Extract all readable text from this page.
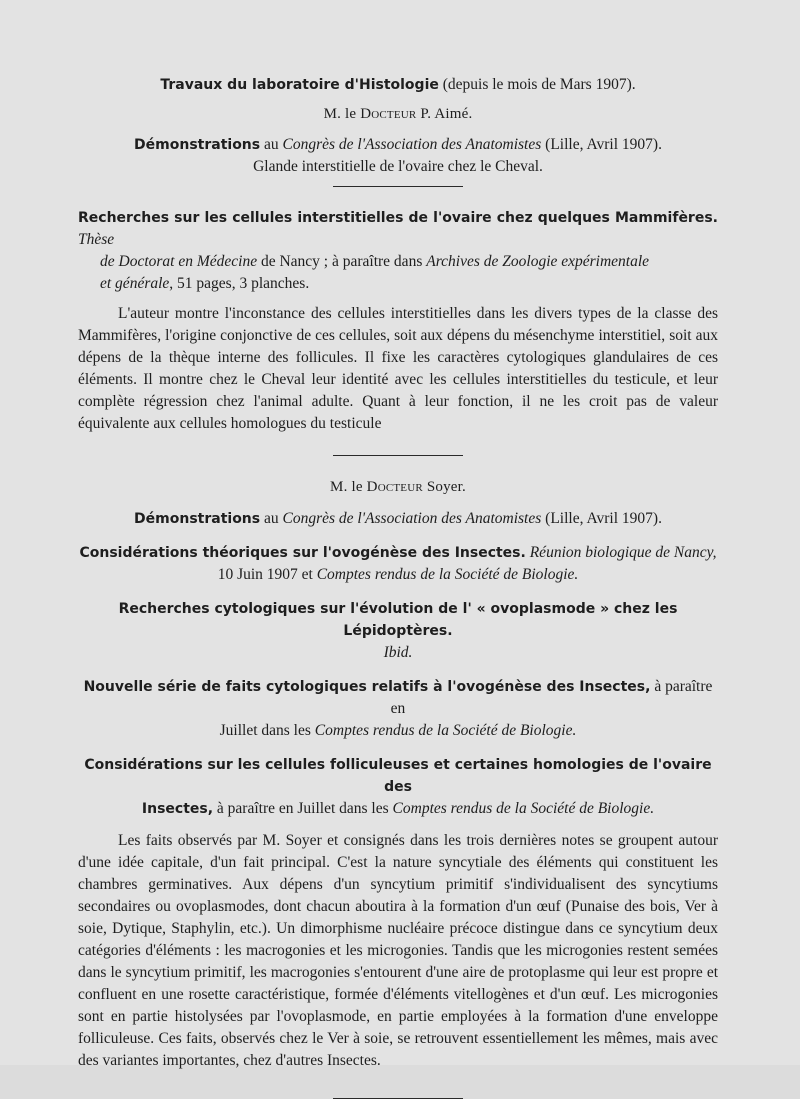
Travaux du laboratoire d'Histologie (depuis le mois de Mars 1907).
M. le Docteur P. Aimé.
Démonstrations au Congrès de l'Association des Anatomistes (Lille, Avril 1907).
Glande interstitielle de l'ovaire chez le Cheval.
Recherches sur les cellules interstitielles de l'ovaire chez quelques Mammifères. Thèse
de Doctorat en Médecine de Nancy ; à paraître dans Archives de Zoologie expérimentale
et générale, 51 pages, 3 planches.

L'auteur montre l'inconstance des cellules interstitielles dans les divers types de la classe des Mammifères, l'origine conjonctive de ces cellules, soit aux dépens du mésenchyme interstitiel, soit aux dépens de la thèque interne des follicules. Il fixe les caractères cytologiques glandulaires de ces éléments. Il montre chez le Cheval leur identité avec les cellules interstitielles du testicule, et leur complète régression chez l'animal adulte. Quant à leur fonction, il ne les croit pas de valeur équivalente aux cellules homologues du testicule

M. le Docteur Soyer.
Démonstrations au Congrès de l'Association des Anatomistes (Lille, Avril 1907).
Considérations théoriques sur l'ovogénèse des Insectes. Réunion biologique de Nancy,
10 Juin 1907 et Comptes rendus de la Société de Biologie.
Recherches cytologiques sur l'évolution de l' « ovoplasmode » chez les Lépidoptères.
Ibid.
Nouvelle série de faits cytologiques relatifs à l'ovogénèse des Insectes, à paraître en
Juillet dans les Comptes rendus de la Société de Biologie.
Considérations sur les cellules folliculeuses et certaines homologies de l'ovaire des
Insectes, à paraître en Juillet dans les Comptes rendus de la Société de Biologie.

Les faits observés par M. Soyer et consignés dans les trois dernières notes se groupent autour d'une idée capitale, d'un fait principal. C'est la nature syncytiale des éléments qui constituent les chambres germinatives. Aux dépens d'un syncytium primitif s'individualisent des syncytiums secondaires ou ovoplasmodes, dont chacun aboutira à la formation d'un œuf (Punaise des bois, Ver à soie, Dytique, Staphylin, etc.). Un dimorphisme nucléaire précoce distingue dans ce syncytium deux catégories d'éléments : les macrogonies et les microgonies. Tandis que les microgonies restent semées dans le syncytium primitif, les macrogonies s'entourent d'une aire de protoplasme qui leur est propre et confluent en une rosette caractéristique, formée d'éléments vitellogènes et d'un œuf. Les microgonies sont en partie histolysées par l'ovoplasmode, en partie employées à la formation d'une enveloppe folliculeuse. Ces faits, observés chez le Ver à soie, se retrouvent essentiellement les mêmes, mais avec des variantes importantes, chez d'autres Insectes.
